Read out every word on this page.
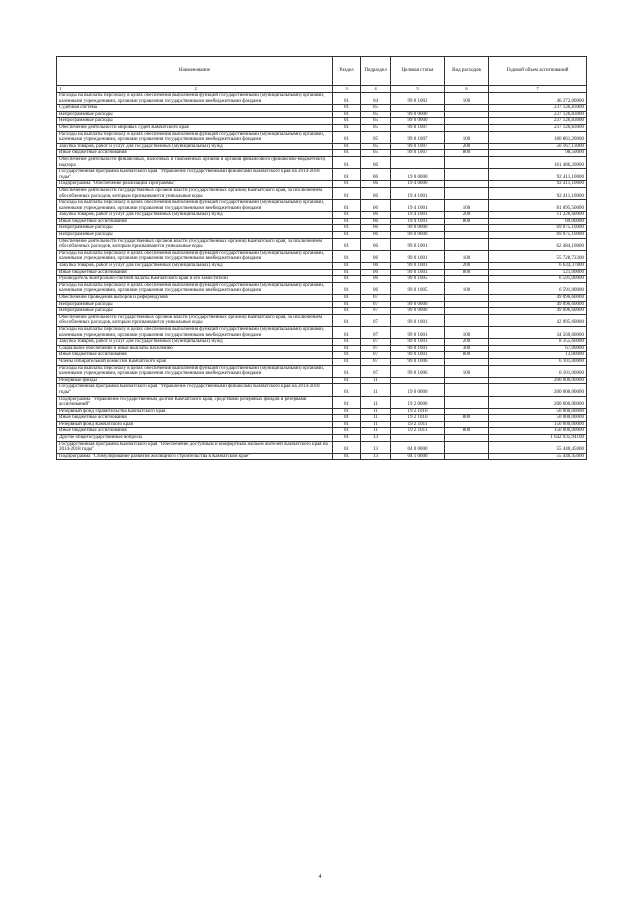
Наименование	Раздел	Подраздел	Целевая статья	Вид расходов	Годовой объем ассигнований

1 2	3	4	5	6	7
Расходы на выплаты персоналу в целях обеспечения выполнения функций государственными (муниципальными) органами, казенными учреждениями, органами управления государственными внебюджетными фондами	01	04	99 0 1002	100	46 272,00000
Судебная система	01	05			237 126,83000
Непрограммные расходы	01	05	99 0 0000		237 126,83000
Непрограммные расходы	01	05	99 0 0000		237 126,83000
Обеспечение деятельности мировых судей Камчатского края	01	05	99 0 1007		237 126,83000
Расходы на выплаты персоналу в целях обеспечения выполнения функций государственными (муниципальными) органами, казенными учреждениями, органами управления государственными внебюджетными фондами	01	05	99 0 1007	100	180 861,20000
Закупка товаров, работ и услуг для государственных (муниципальных) нужд	01	05	99 0 1007	200	56 167,13000
Иные бюджетные ассигнования	01	05	99 0 1007	800	98,50000
Обеспечение деятельности финансовых, налоговых и таможенных органов и органов финансового (финансово-бюджетного) надзора	01	06			161 486,20000
Государственная программа Камчатского края "Управление государственными финансами Камчатского края на 2014-2018 годы"	01	06	19 0 0000		92 411,10000
Подпрограмма "Обеспечение реализации Программы"	01	06	19 4 0000		92 411,10000
Обеспечение деятельности государственных органов власти (государственных органов) Камчатского края, за исключением обособленных расходов, которым присваиваются уникальные коды	01	06	19 4 1001		92 411,10000
Расходы на выплаты персоналу в целях обеспечения выполнения функций государственными (муниципальными) органами, казенными учреждениями, органами управления государственными внебюджетными фондами	01	06	19 4 1001	100	81 095,50000
Закупка товаров, работ и услуг для государственных (муниципальных) нужд	01	06	19 4 1001	200	11 226,60000
Иные бюджетные ассигнования	01	06	19 4 1001	800	89,00000
Непрограммные расходы	01	06	99 0 0000		69 075,10000
Непрограммные расходы	01	06	99 0 0000		69 075,10000
Обеспечение деятельности государственных органов власти (государственных органов) Камчатского края, за исключением обособленных расходов, которым присваиваются уникальные коды	01	06	99 0 1001		62 484,10000
Расходы на выплаты персоналу в целях обеспечения выполнения функций государственными (муниципальными) органами, казенными учреждениями, органами управления государственными внебюджетными фондами	01	06	99 0 1001	100	55 728,72200
Закупка товаров, работ и услуг для государственных (муниципальных) нужд	01	06	99 0 1001	200	6 634,37800
Иные бюджетные ассигнования	01	06	99 0 1001	800	121,00000
Руководитель Контрольно-счетной палаты Камчатского края и его заместители	01	06	99 0 1005		6 591,00000
Расходы на выплаты персоналу в целях обеспечения выполнения функций государственными (муниципальными) органами, казенными учреждениями, органами управления государственными внебюджетными фондами	01	06	99 0 1005	100	6 591,00000
Обеспечение проведения выборов и референдумов	01	07			49 096,60000
Непрограммные расходы	01	07	99 0 0000		49 096,60000
Непрограммные расходы	01	07	99 0 0000		49 096,60000
Обеспечение деятельности государственных органов власти (государственных органов) Камчатского края, за исключением обособленных расходов, которым присваиваются уникальные коды	01	07	99 0 1001		42 995,60000
Расходы на выплаты персоналу в целях обеспечения выполнения функций государственными (муниципальными) органами, казенными учреждениями, органами управления государственными внебюджетными фондами	01	07	99 0 1001	100	34 560,00000
Закупка товаров, работ и услуг для государственных (муниципальных) нужд	01	07	99 0 1001	200	8 355,60000
Социальное обеспечение и иные выплаты населению	01	07	99 0 1001	300	67,00000
Иные бюджетные ассигнования	01	07	99 0 1001	800	13,00000
Члены избирательной комиссии Камчатского края	01	07	99 0 1006		6 101,00000
Расходы на выплаты персоналу в целях обеспечения выполнения функций государственными (муниципальными) органами, казенными учреждениями, органами управления государственными внебюджетными фондами	01	07	99 0 1006	100	6 101,00000
Резервные фонды	01	11			200 000,00000
Государственная программа Камчатского края "Управление государственными финансами Камчатского края на 2014-2018 годы"	01	11	19 0 0000		200 000,00000
Подпрограмма "Управление государственным долгом Камчатского края, средствами резервных фондов и резервами ассигнований"	01	11	19 2 0000		200 000,00000
Резервный фонд Правительства Камчатского края	01	11	19 2 1010		50 000,00000
Иные бюджетные ассигнования	01	11	19 2 1010	800	50 000,00000
Резервный фонд Камчатского края	01	11	19 2 1011		150 000,00000
Иные бюджетные ассигнования	01	11	19 2 1011	800	150 000,00000
Другие общегосударственные вопросы	01	13			1 642 935,94100
Государственная программа Камчатского края "Обеспечение доступным и комфортным жильем жителей Камчатского края на 2014-2018 годы"	01	13	04 0 0000		55 440,45000
Подпрограмма "Стимулирование развития жилищного строительства в Камчатском крае"	01	13	04 1 0000		55 440,45000
4
